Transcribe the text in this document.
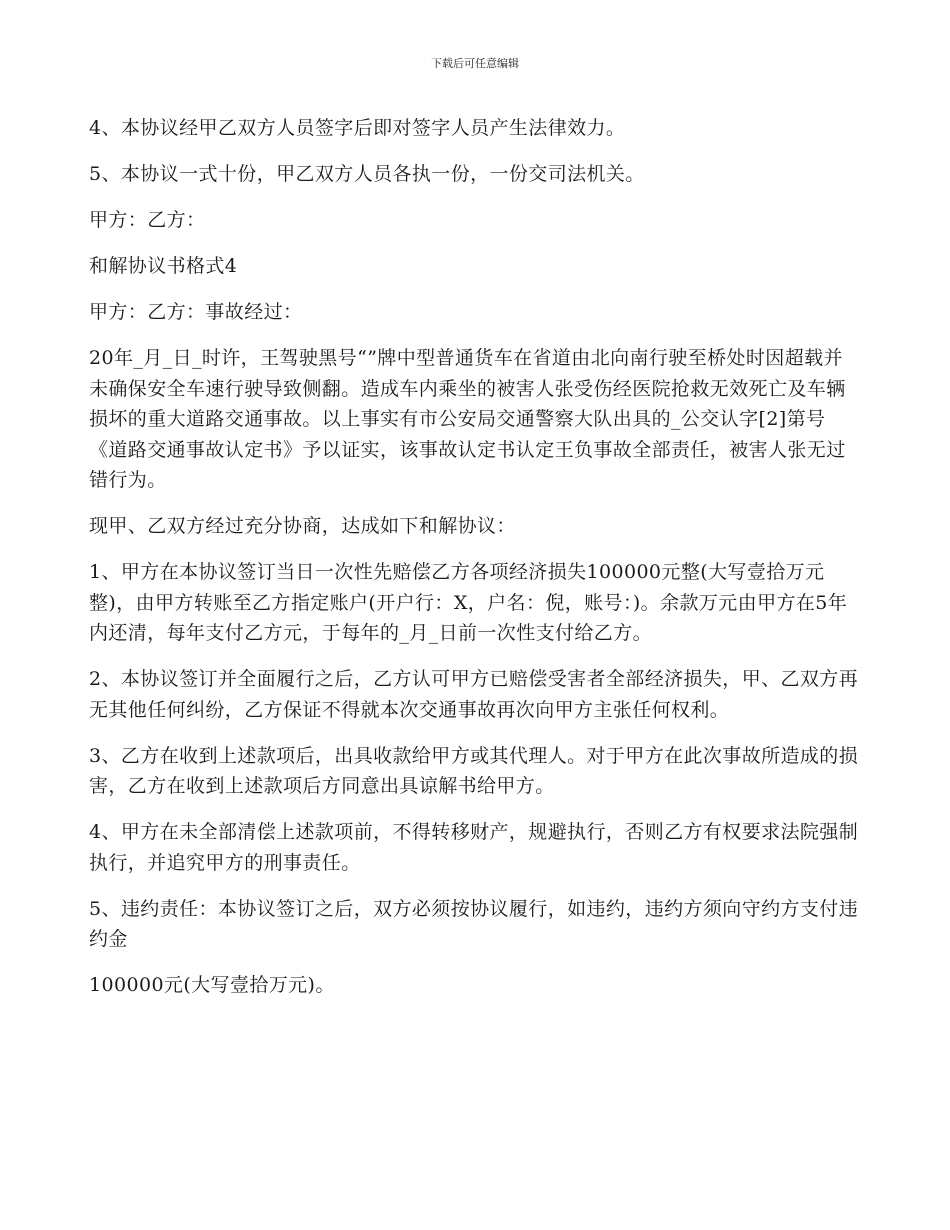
下载后可任意编辑

4、本协议经甲乙双方人员签字后即对签字人员产生法律效力。

5、本协议一式十份，甲乙双方人员各执一份，一份交司法机关。

甲方：乙方：

和解协议书格式4

甲方：乙方：事故经过：

20年_月_日_时许，王驾驶黑号“”牌中型普通货车在省道由北向南行驶至桥处时因超载并未确保安全车速行驶导致侧翻。造成车内乘坐的被害人张受伤经医院抢救无效死亡及车辆损坏的重大道路交通事故。以上事实有市公安局交通警察大队出具的_公交认字[2]第号《道路交通事故认定书》予以证实，该事故认定书认定王负事故全部责任，被害人张无过错行为。

现甲、乙双方经过充分协商，达成如下和解协议：

1、甲方在本协议签订当日一次性先赔偿乙方各项经济损失100000元整(大写壹拾万元整)，由甲方转账至乙方指定账户(开户行：X，户名：倪，账号：)。余款万元由甲方在5年内还清，每年支付乙方元，于每年的_月_日前一次性支付给乙方。

2、本协议签订并全面履行之后，乙方认可甲方已赔偿受害者全部经济损失，甲、乙双方再无其他任何纠纷，乙方保证不得就本次交通事故再次向甲方主张任何权利。

3、乙方在收到上述款项后，出具收款给甲方或其代理人。对于甲方在此次事故所造成的损害，乙方在收到上述款项后方同意出具谅解书给甲方。

4、甲方在未全部清偿上述款项前，不得转移财产，规避执行，否则乙方有权要求法院强制执行，并追究甲方的刑事责任。

5、违约责任：本协议签订之后，双方必须按协议履行，如违约，违约方须向守约方支付违约金

100000元(大写壹拾万元)。
